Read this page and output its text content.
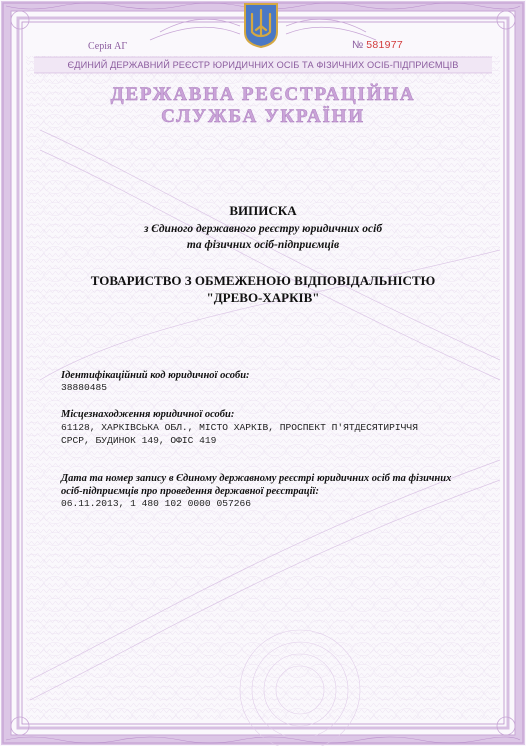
Серія АГ	№ 581977
ЄДИНИЙ ДЕРЖАВНИЙ РЕЄСТР ЮРИДИЧНИХ ОСІБ ТА ФІЗИЧНИХ ОСІБ-ПІДПРИЄМЦІВ
ДЕРЖАВНА РЕЄСТРАЦІЙНА
СЛУЖБА УКРАЇНИ
ВИПИСКА
з Єдиного державного реєстру юридичних осіб
та фізичних осіб-підприємців
ТОВАРИСТВО З ОБМЕЖЕНОЮ ВІДПОВІДАЛЬНІСТЮ
"ДРЕВО-ХАРКІВ"
Ідентифікаційний код юридичної особи:
38880485
Місцезнаходження юридичної особи:
61128, ХАРКІВСЬКА ОБЛ., МІСТО ХАРКІВ, ПРОСПЕКТ П'ЯТДЕСЯТИРІЧЧЯ
СРСР, БУДИНОК 149, ОФІС 419
Дата та номер запису в Єдиному державному реєстрі юридичних осіб та фізичних
осіб-підприємців про проведення державної реєстрації:
06.11.2013, 1 480 102 0000 057266
